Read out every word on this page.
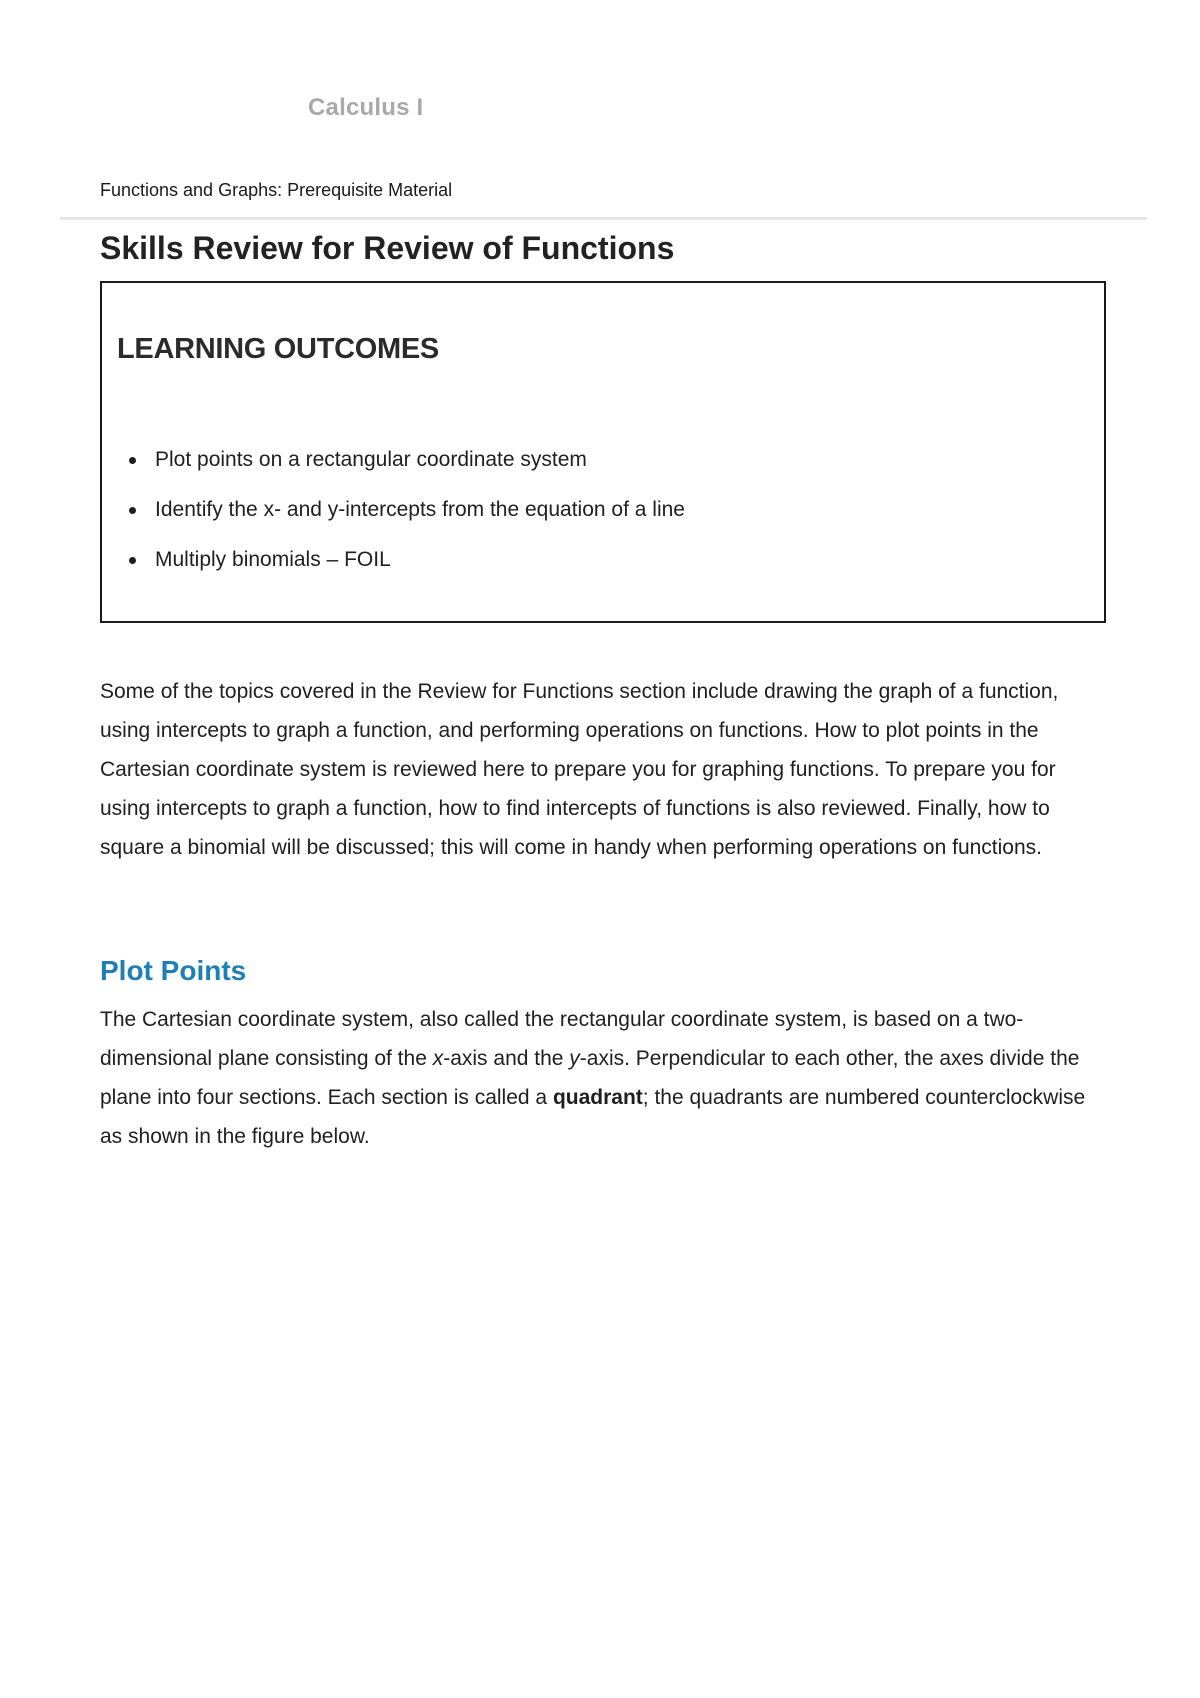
Calculus I
Functions and Graphs: Prerequisite Material
Skills Review for Review of Functions
LEARNING OUTCOMES
Plot points on a rectangular coordinate system
Identify the x- and y-intercepts from the equation of a line
Multiply binomials – FOIL

Some of the topics covered in the Review for Functions section include drawing the graph of a function, using intercepts to graph a function, and performing operations on functions. How to plot points in the Cartesian coordinate system is reviewed here to prepare you for graphing functions. To prepare you for using intercepts to graph a function, how to find intercepts of functions is also reviewed. Finally, how to square a binomial will be discussed; this will come in handy when performing operations on functions.

Plot Points

The Cartesian coordinate system, also called the rectangular coordinate system, is based on a two-dimensional plane consisting of the x-axis and the y-axis. Perpendicular to each other, the axes divide the plane into four sections. Each section is called a quadrant; the quadrants are numbered counterclockwise as shown in the figure below.
